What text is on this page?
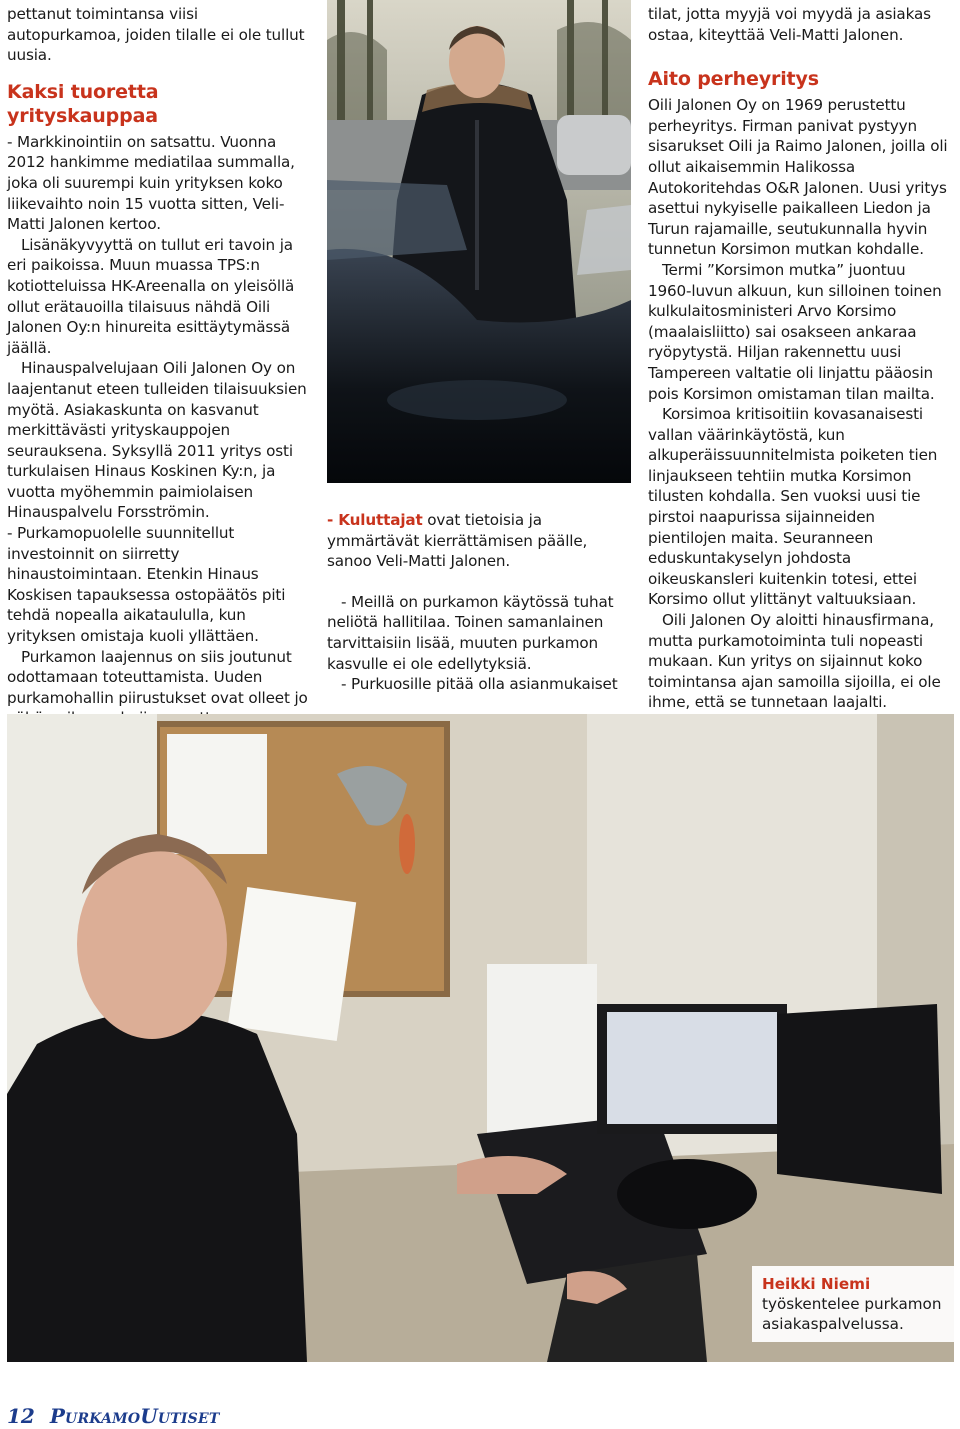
pettanut toimintansa viisi autopurkamoa, joiden tilalle ei ole tullut uusia.

Kaksi tuoretta yrityskauppaa

- Markkinointiin on satsattu. Vuonna 2012 hankimme mediatilaa summalla, joka oli suurempi kuin yrityksen koko liikevaihto noin 15 vuotta sitten, Veli-Matti Jalonen kertoo.

Lisänäkyvyyttä on tullut eri tavoin ja eri paikoissa. Muun muassa TPS:n kotiotteluissa HK-Areenalla on yleisöllä ollut erätauoilla tilaisuus nähdä Oili Jalonen Oy:n hinureita esittäytymässä jäällä.

Hinauspalvelujaan Oili Jalonen Oy on laajentanut eteen tulleiden tilaisuuksien myötä. Asiakaskunta on kasvanut merkittävästi yrityskauppojen seurauksena. Syksyllä 2011 yritys osti turkulaisen Hinaus Koskinen Ky:n, ja vuotta myöhemmin paimiolaisen Hinauspalvelu Forsströmin.

- Purkamopuolelle suunnitellut investoinnit on siirretty hinaustoimintaan. Etenkin Hinaus Koskisen tapauksessa ostopäätös piti tehdä nopealla aikataululla, kun yrityksen omistaja kuoli yllättäen.

Purkamon laajennus on siis joutunut odottamaan toteuttamista. Uuden purkamohallin piirustukset ovat olleet jo

- Kuluttajat ovat tietoisia ja ymmärtävät kierrättämisen päälle, sanoo Veli-Matti Jalonen.

- Meillä on purkamon käytössä tuhat neliötä hallitilaa. Toinen samanlainen tarvittaisiin lisää, muuten purkamon kasvulle ei ole edellytyksiä.

- Purkuosille pitää olla asianmukaiset

tilat, jotta myyjä voi myydä ja asiakas ostaa, kiteyttää Veli-Matti Jalonen.

Aito perheyritys

Oili Jalonen Oy on 1969 perustettu perheyritys. Firman panivat pystyyn sisarukset Oili ja Raimo Jalonen, joilla oli ollut aikaisemmin Halikossa Autokoritehdas O&R Jalonen. Uusi yritys asettui nykyiselle paikalleen Liedon ja Turun rajamaille, seutukunnalla hyvin tunnetun Korsimon mutkan kohdalle.

Termi ”Korsimon mutka” juontuu 1960-luvun alkuun, kun silloinen toinen kulkulaitosministeri Arvo Korsimo (maalaisliitto) sai osakseen ankaraa ryöpytystä. Hiljan rakennettu uusi Tampereen valtatie oli linjattu pääosin pois Korsimon omistaman tilan mailta.

Korsimoa kritisoitiin kovasanaisesti vallan väärinkäytöstä, kun alkuperäissuunnitelmista poiketen tien linjaukseen tehtiin mutka Korsimon tilusten kohdalla. Sen vuoksi uusi tie pirstoi naapurissa sijainneiden pientilojen maita. Seuranneen eduskuntakyselyn johdosta oikeuskansleri kuitenkin totesi, ettei Korsimo ollut ylittänyt valtuuksiaan.

Oili Jalonen Oy aloitti hinausfirmana, mutta purkamotoiminta tuli nopeasti mukaan. Kun yritys on sijainnut koko toimintansa ajan samoilla sijoilla, ei ole ihme, että se tunnetaan laajalti.

Heikki Niemi työskentelee purkamon asiakaspalvelussa.
12 PurkamoUutiset
